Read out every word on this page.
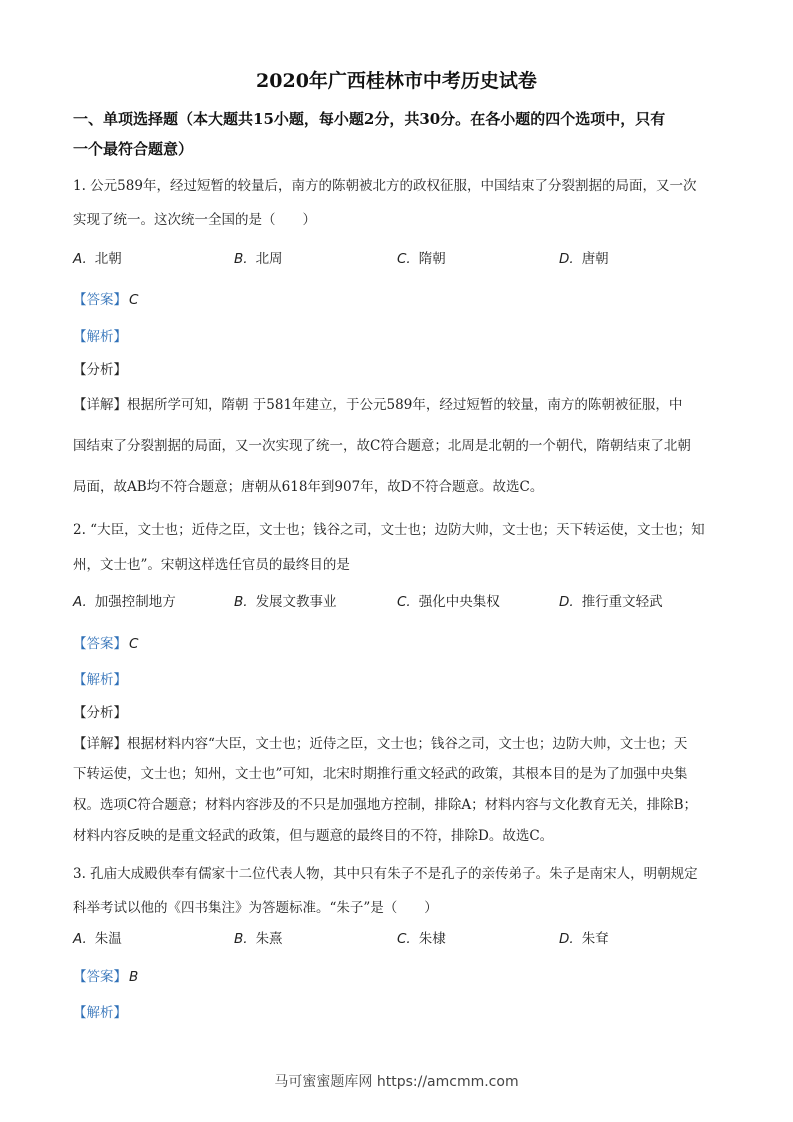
2020年广西桂林市中考历史试卷
一、单项选择题（本大题共15小题，每小题2分，共30分。在各小题的四个选项中，只有
一个最符合题意）
1. 公元589年，经过短暂的较量后，南方的陈朝被北方的政权征服，中国结束了分裂割据的局面，又一次
实现了统一。这次统一全国的是（　　）
A. 北朝	B. 北周	C. 隋朝	D. 唐朝
【答案】 C
【解析】
【分析】
【详解】根据所学可知，隋朝 于581年建立，于公元589年，经过短暂的较量，南方的陈朝被征服，中
国结束了分裂割据的局面，又一次实现了统一，故C符合题意；北周是北朝的一个朝代，隋朝结束了北朝
局面，故AB均不符合题意；唐朝从618年到907年，故D不符合题意。故选C。
2. “大臣，文士也；近侍之臣，文士也；钱谷之司，文士也；边防大帅，文士也；天下转运使，文士也；知
州，文士也”。宋朝这样选任官员的最终目的是
A. 加强控制地方	B. 发展文教事业	C. 强化中央集权	D. 推行重文轻武
【答案】 C
【解析】
【分析】
【详解】根据材料内容“大臣，文士也；近侍之臣，文士也；钱谷之司，文士也；边防大帅，文士也；天
下转运使，文士也；知州，文士也”可知，北宋时期推行重文轻武的政策，其根本目的是为了加强中央集
权。选项C符合题意；材料内容涉及的不只是加强地方控制，排除A；材料内容与文化教育无关，排除B；
材料内容反映的是重文轻武的政策，但与题意的最终目的不符，排除D。故选C。
3. 孔庙大成殿供奉有儒家十二位代表人物，其中只有朱子不是孔子的亲传弟子。朱子是南宋人，明朝规定
科举考试以他的《四书集注》为答题标准。“朱子”是（　　）
A. 朱温	B. 朱熹	C. 朱棣	D. 朱耷
【答案】 B
【解析】
马可蜜蜜题库网 https://amcmm.com
